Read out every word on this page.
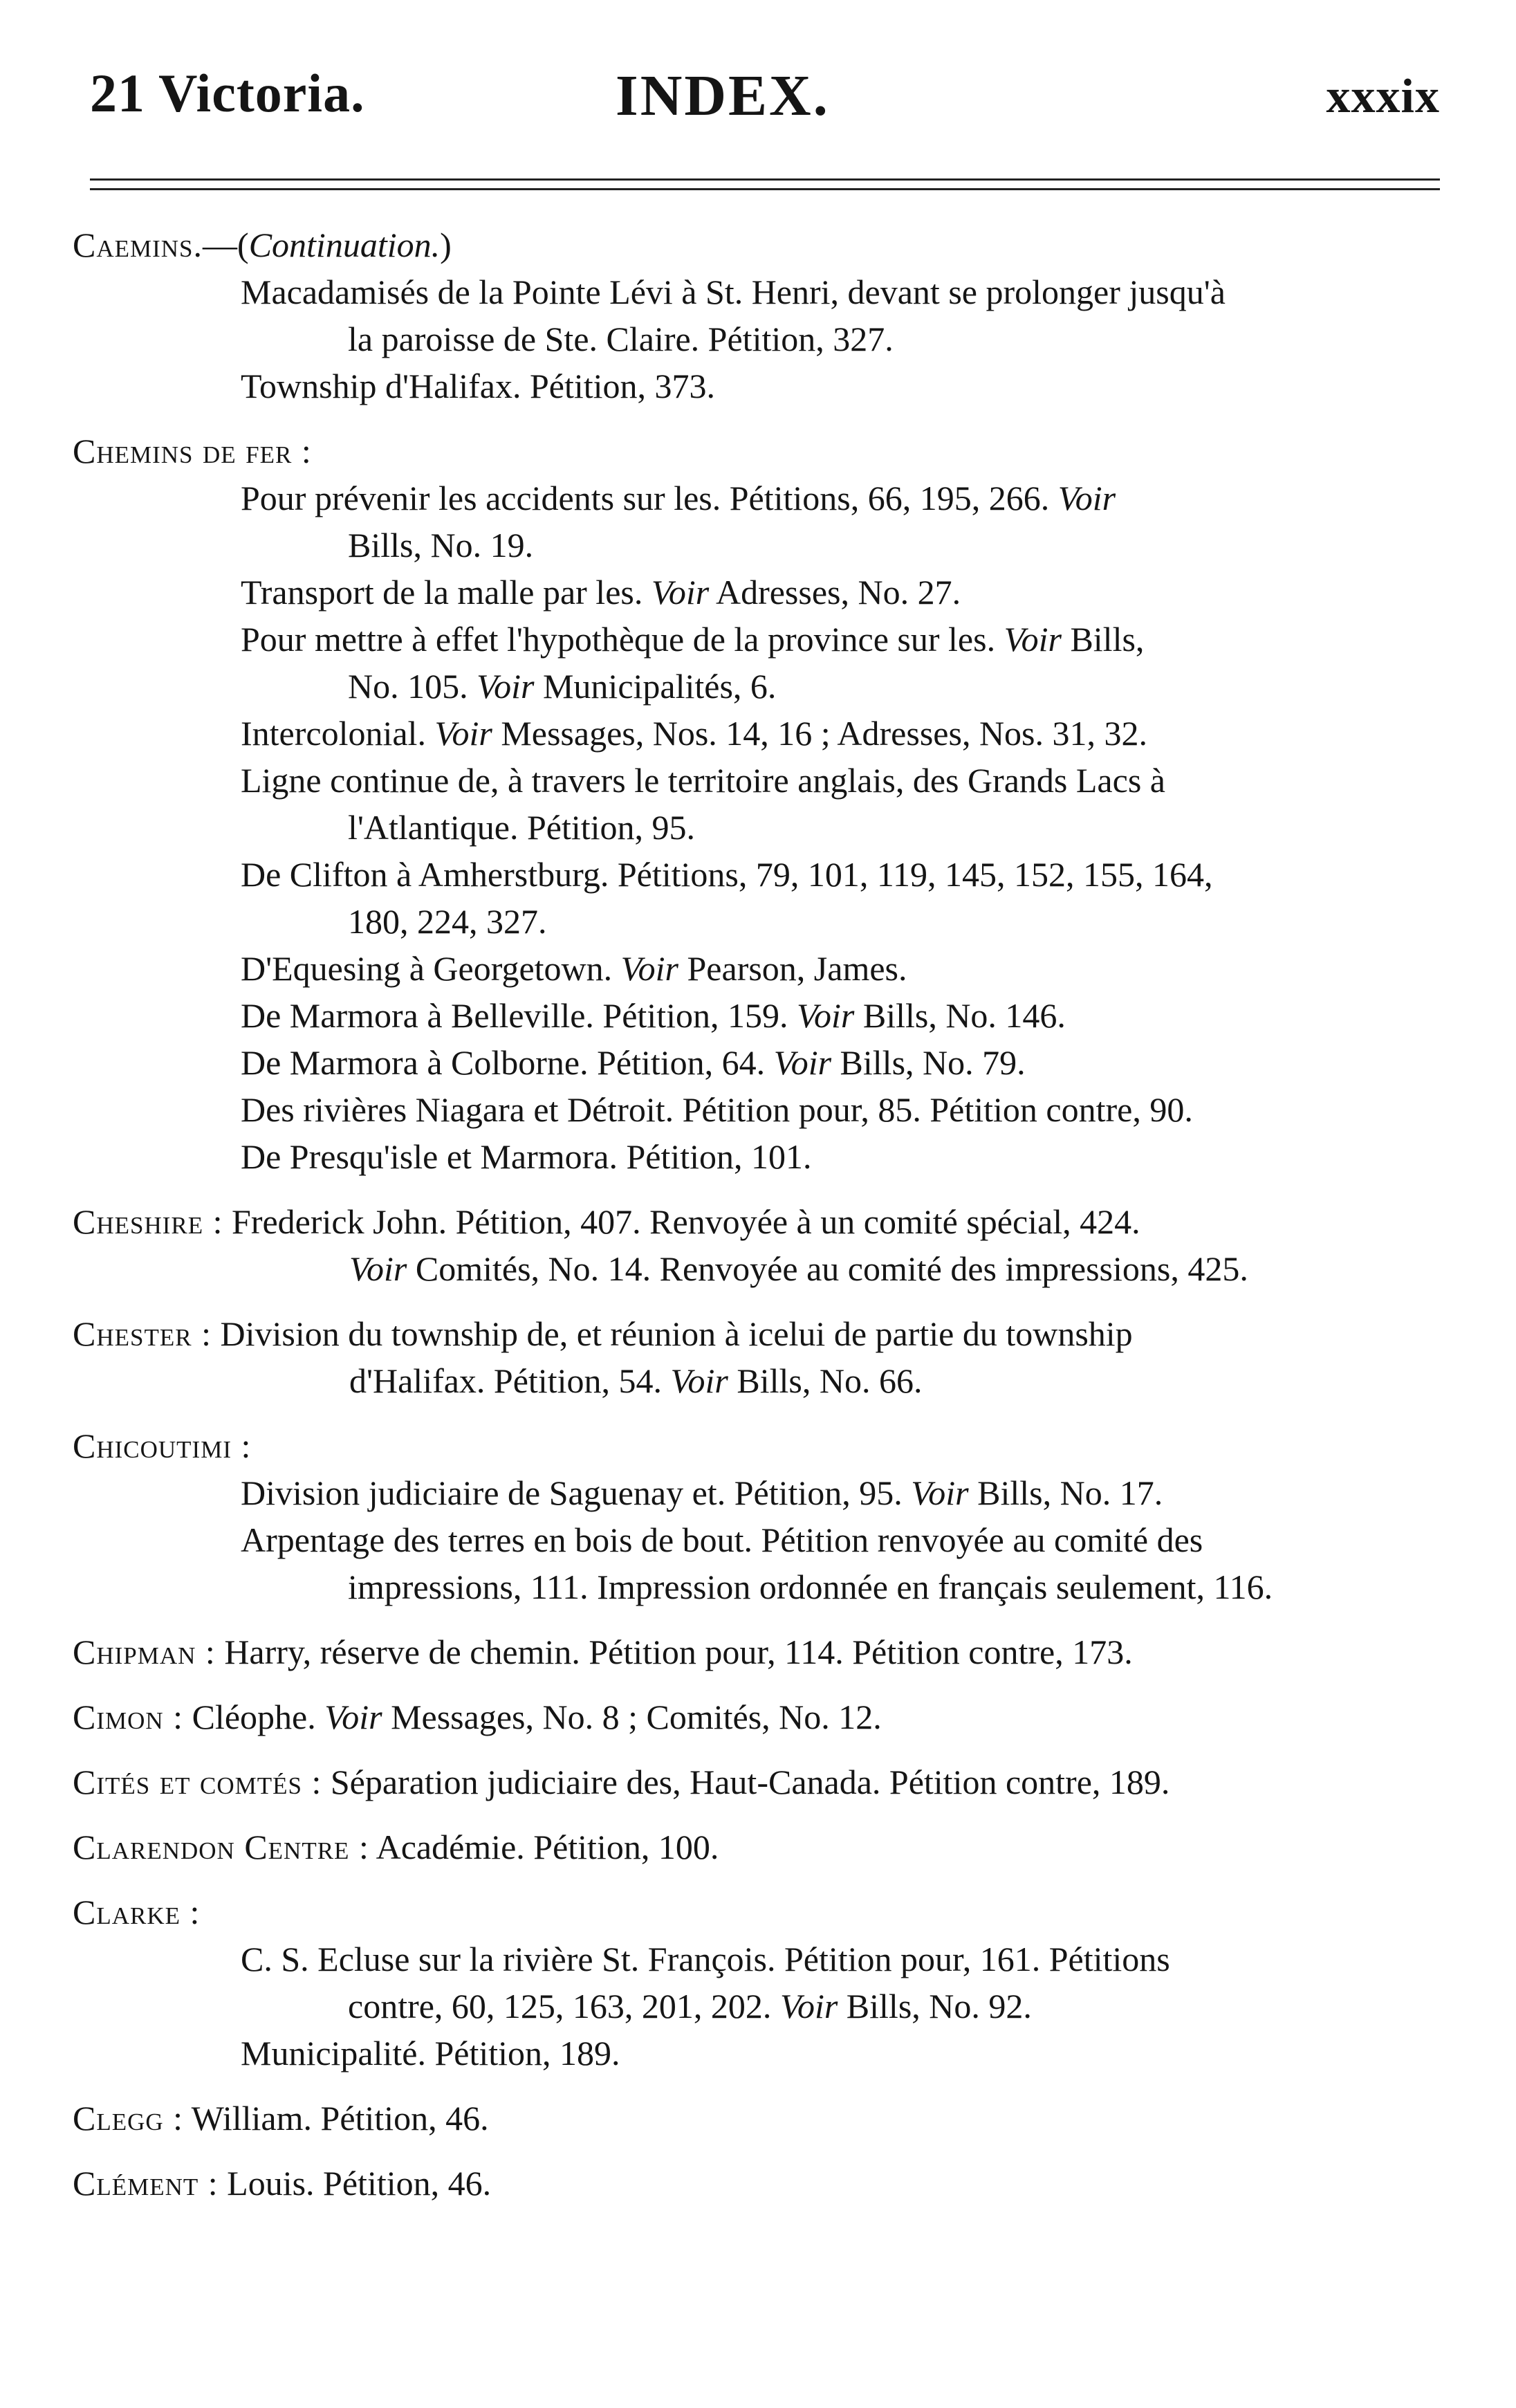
21 Victoria.	INDEX.	xxxix
Caemins.—(Continuation.)
Macadamisés de la Pointe Lévi à St. Henri, devant se prolonger jusqu'à
la paroisse de Ste. Claire. Pétition, 327.
Township d'Halifax. Pétition, 373.
Chemins de fer :
Pour prévenir les accidents sur les. Pétitions, 66, 195, 266. Voir
Bills, No. 19.
Transport de la malle par les. Voir Adresses, No. 27.
Pour mettre à effet l'hypothèque de la province sur les. Voir Bills,
No. 105. Voir Municipalités, 6.
Intercolonial. Voir Messages, Nos. 14, 16 ; Adresses, Nos. 31, 32.
Ligne continue de, à travers le territoire anglais, des Grands Lacs à
l'Atlantique. Pétition, 95.
De Clifton à Amherstburg. Pétitions, 79, 101, 119, 145, 152, 155, 164,
180, 224, 327.
D'Equesing à Georgetown. Voir Pearson, James.
De Marmora à Belleville. Pétition, 159. Voir Bills, No. 146.
De Marmora à Colborne. Pétition, 64. Voir Bills, No. 79.
Des rivières Niagara et Détroit. Pétition pour, 85. Pétition contre, 90.
De Presqu'isle et Marmora. Pétition, 101.
Cheshire : Frederick John. Pétition, 407. Renvoyée à un comité spécial, 424.
Voir Comités, No. 14. Renvoyée au comité des impressions, 425.
Chester : Division du township de, et réunion à icelui de partie du township
d'Halifax. Pétition, 54. Voir Bills, No. 66.
Chicoutimi :
Division judiciaire de Saguenay et. Pétition, 95. Voir Bills, No. 17.
Arpentage des terres en bois de bout. Pétition renvoyée au comité des
impressions, 111. Impression ordonnée en français seulement, 116.
Chipman : Harry, réserve de chemin. Pétition pour, 114. Pétition contre, 173.
Cimon : Cléophe. Voir Messages, No. 8 ; Comités, No. 12.
Cités et comtés : Séparation judiciaire des, Haut-Canada. Pétition contre, 189.
Clarendon Centre : Académie. Pétition, 100.
Clarke :
C. S. Ecluse sur la rivière St. François. Pétition pour, 161. Pétitions
contre, 60, 125, 163, 201, 202. Voir Bills, No. 92.
Municipalité. Pétition, 189.
Clegg : William. Pétition, 46.
Clément : Louis. Pétition, 46.
